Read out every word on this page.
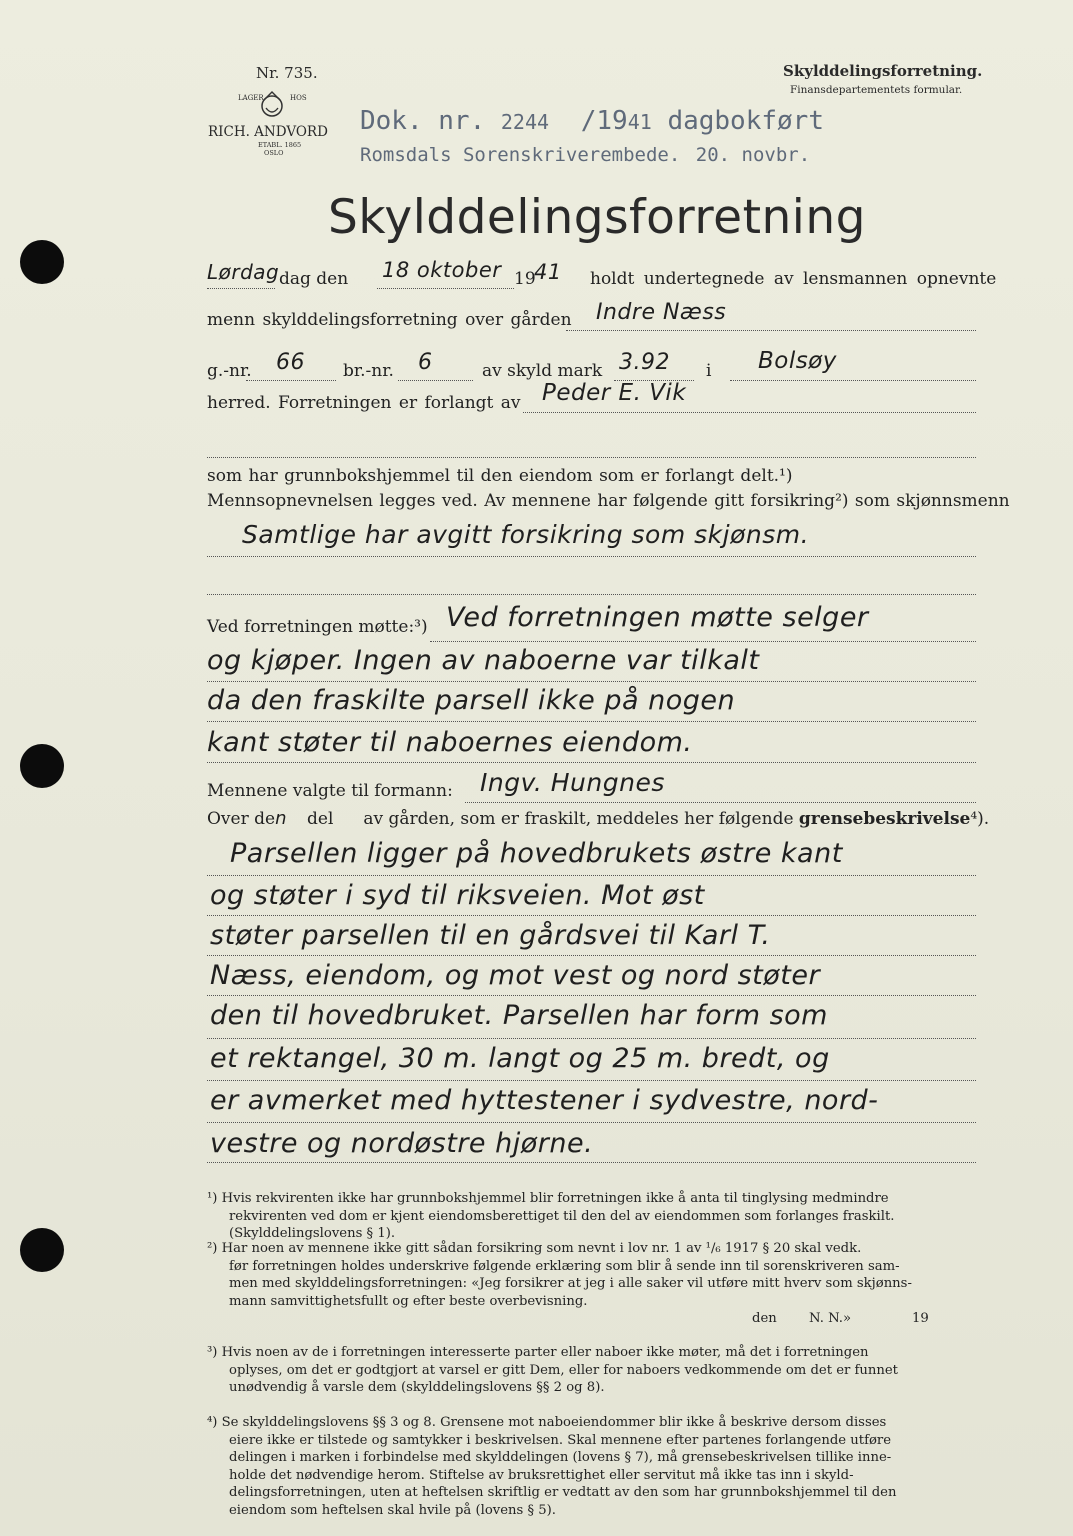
Nr. 735.	Skylddelingsforretning.
Finansdepartementets formular.
LAGER	HOS
RICH. ANDVORD
ETABL. 1865
OSLO
Dok. nr. 2244 /1941 dagbokført
Romsdals Sorenskriverembede. 20. novbr.
Skylddelingsforretning
Lørdag dag den 18 oktober 19
41 holdt undertegnede av lensmannen opnevnte
menn skylddelingsforretning over gården Indre Næss
g.-nr. 66 br.-nr. 6	av skyld mark 3.92 i Bolsøy
herred. Forretningen er forlangt av Peder E. Vik
som har grunnbokshjemmel til den eiendom som er forlangt delt.¹)
Mennsopnevnelsen legges ved. Av mennene har følgende gitt forsikring²) som skjønnsmenn
Samtlige har avgitt forsikring som skjønsm.
Ved forretningen møtte:³) Ved forretningen møtte selger
og kjøper. Ingen av naboerne var tilkalt
da den fraskilte parsell ikke på nogen
kant støter til naboernes eiendom.
Mennene valgte til formann: Ingv. Hungnes
Over den del av gården, som er fraskilt, meddeles her følgende grensebeskrivelse⁴).
Parsellen ligger på hovedbrukets østre kant
og støter i syd til riksveien. Mot øst
støter parsellen til en gårdsvei til Karl T.
Næss, eiendom, og mot vest og nord støter
den til hovedbruket. Parsellen har form som
et rektangel, 30 m. langt og 25 m. bredt, og
er avmerket med hyttestener i sydvestre, nord-
vestre og nordøstre hjørne.
¹) Hvis rekvirenten ikke har grunnbokshjemmel blir forretningen ikke å anta til tinglysing medmindre
rekvirenten ved dom er kjent eiendomsberettiget til den del av eiendommen som forlanges fraskilt.
(Skylddelingslovens § 1).
²) Har noen av mennene ikke gitt sådan forsikring som nevnt i lov nr. 1 av ¹/₆ 1917 § 20 skal vedk.
før forretningen holdes underskrive følgende erklæring som blir å sende inn til sorenskriveren sam-
men med skylddelingsforretningen: «Jeg forsikrer at jeg i alle saker vil utføre mitt hverv som skjønns-
mann samvittighetsfullt og efter beste overbevisning.
den	19
N. N.»
³) Hvis noen av de i forretningen interesserte parter eller naboer ikke møter, må det i forretningen
oplyses, om det er godtgjort at varsel er gitt Dem, eller for naboers vedkommende om det er funnet
unødvendig å varsle dem (skylddelingslovens §§ 2 og 8).
⁴) Se skylddelingslovens §§ 3 og 8. Grensene mot naboeiendommer blir ikke å beskrive dersom disses
eiere ikke er tilstede og samtykker i beskrivelsen. Skal mennene efter partenes forlangende utføre
delingen i marken i forbindelse med skylddelingen (lovens § 7), må grensebeskrivelsen tillike inne-
holde det nødvendige herom. Stiftelse av bruksrettighet eller servitut må ikke tas inn i skyld-
delingsforretningen, uten at heftelsen skriftlig er vedtatt av den som har grunnbokshjemmel til den
eiendom som heftelsen skal hvile på (lovens § 5).
